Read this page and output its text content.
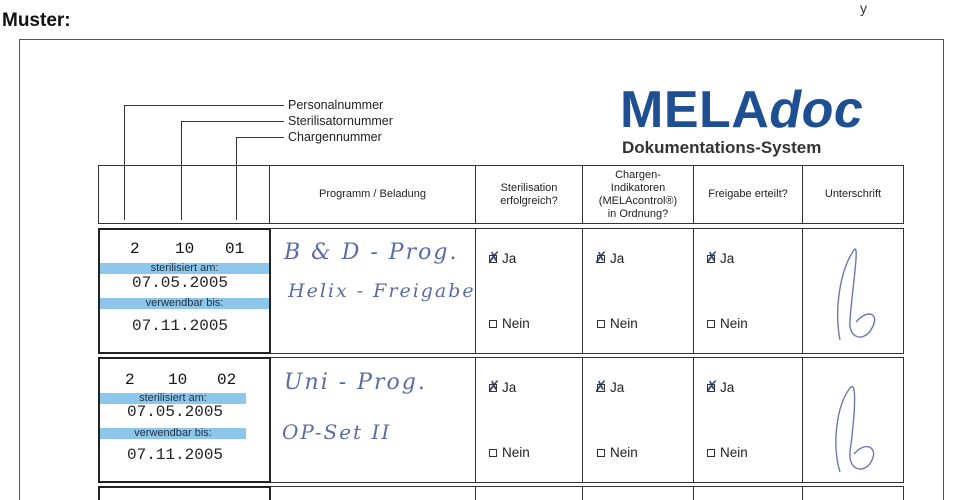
Muster:
y
Personalnummer
Sterilisatornummer
Chargennummer	MELAdoc
Dokumentations-System
Programm / Beladung
Sterilisation
erfolgreich?
Chargen-
Indikatoren
(MELAcontrol®)
in Ordnung?
Freigabe erteilt?	Unterschrift
2 10 01
sterilisiert am:
07.05.2005
verwendbar bis:
07.11.2005
B & D - Prog.
Helix - Freigabe
✗ Ja
Nein
✗ Ja
Nein
✗ Ja
Nein
2 10 02
sterilisiert am:
07.05.2005
verwendbar bis:
07.11.2005
Uni - Prog.
OP-Set II
✗ Ja
Nein
✗ Ja
Nein
✗ Ja
Nein
